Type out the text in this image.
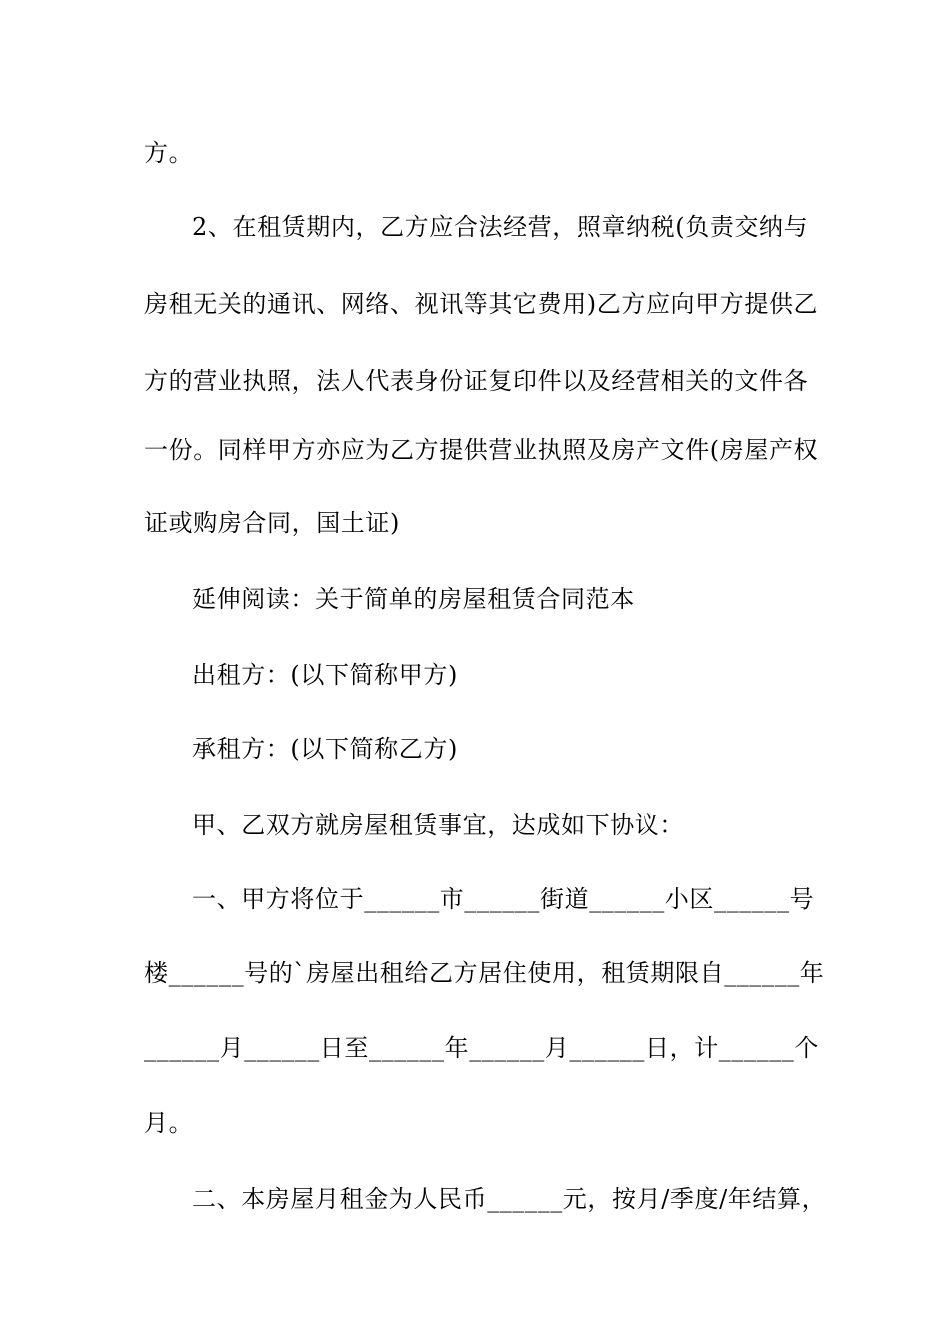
方。
2、在租赁期内，乙方应合法经营，照章纳税(负责交纳与
房租无关的通讯、网络、视讯等其它费用)乙方应向甲方提供乙
方的营业执照，法人代表身份证复印件以及经营相关的文件各
一份。同样甲方亦应为乙方提供营业执照及房产文件(房屋产权
证或购房合同，国土证)
延伸阅读：关于简单的房屋租赁合同范本
出租方：(以下简称甲方)
承租方：(以下简称乙方)
甲、乙双方就房屋租赁事宜，达成如下协议：
一、甲方将位于______市______街道______小区______号
楼______号的`房屋出租给乙方居住使用，租赁期限自______年
______月______日至______年______月______日，计______个
月。
二、本房屋月租金为人民币______元，按月/季度/年结算，
